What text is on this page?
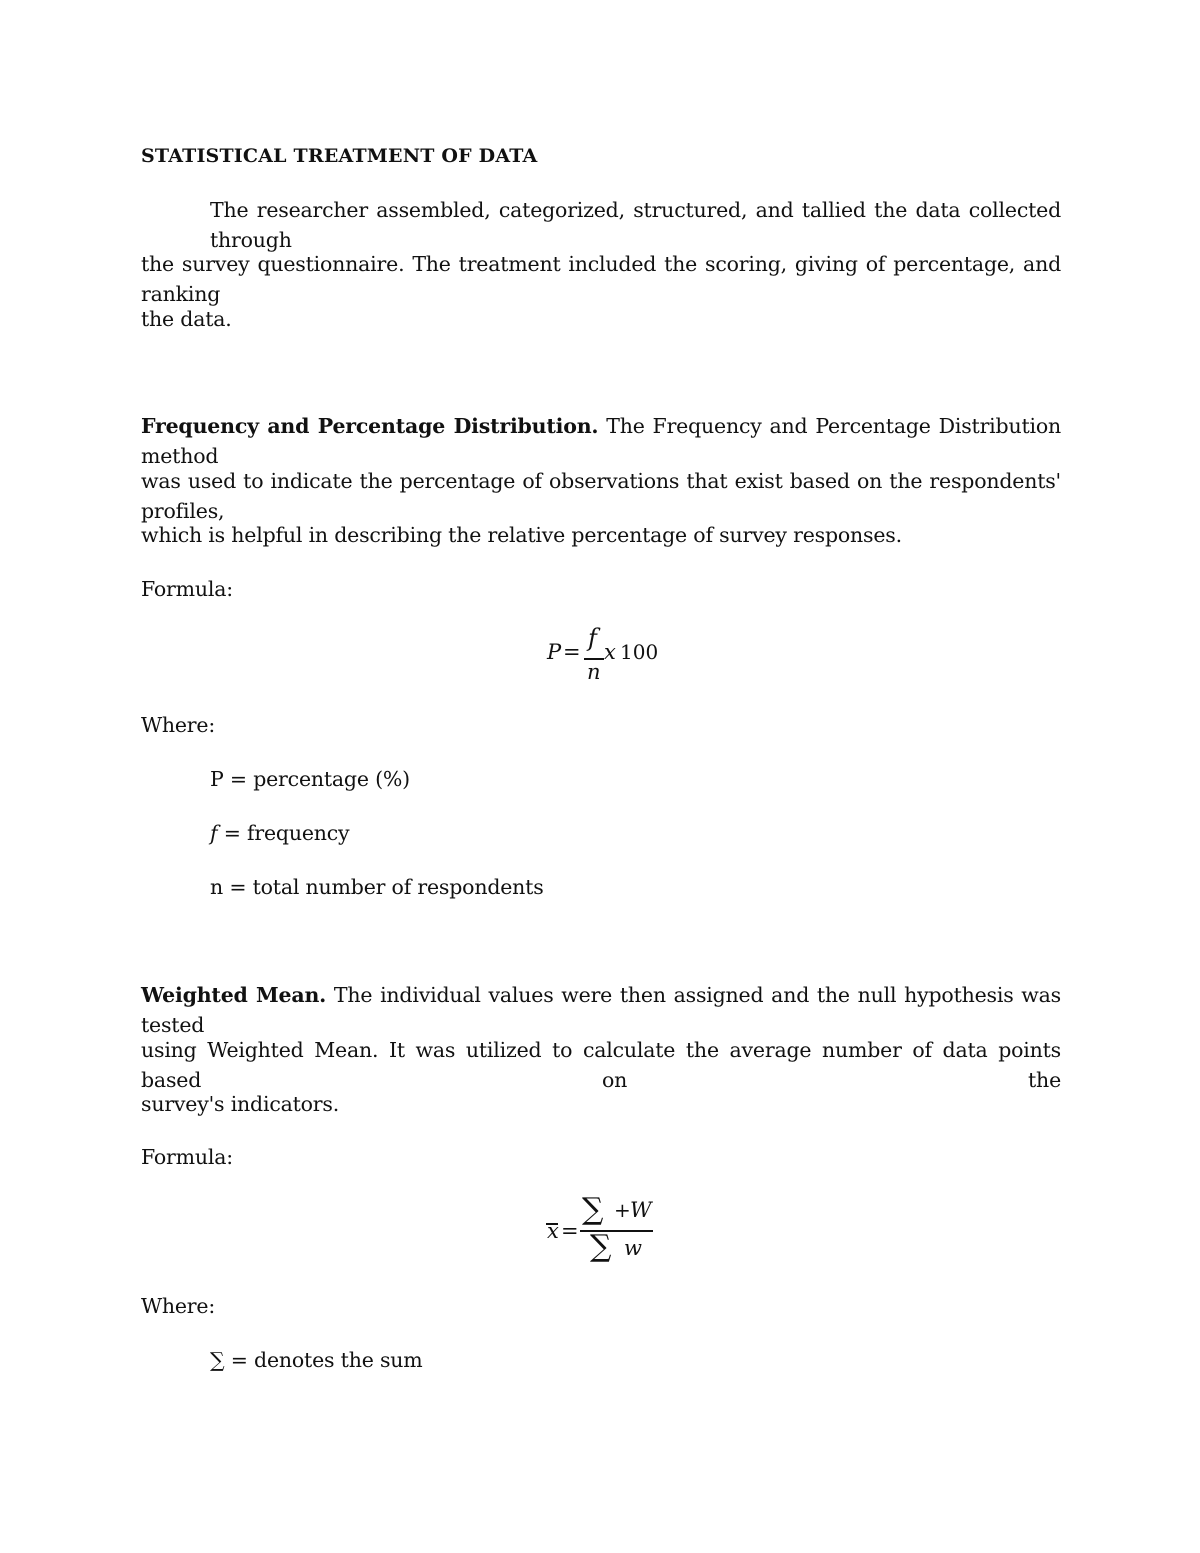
STATISTICAL TREATMENT OF DATA
The researcher assembled, categorized, structured, and tallied the data collected through
the survey questionnaire. The treatment included the scoring, giving of percentage, and ranking
the data.
Frequency and Percentage Distribution. The Frequency and Percentage Distribution method
was used to indicate the percentage of observations that exist based on the respondents' profiles,
which is helpful in describing the relative percentage of survey responses.
Formula:
P = f
n
x 100
Where:
P = percentage (%)
f = frequency
n = total number of respondents
Weighted Mean. The individual values were then assigned and the null hypothesis was tested
using Weighted Mean. It was utilized to calculate the average number of data points based on the
survey's indicators.
Formula:
x =
∑ + W
∑ w
Where:
∑ = denotes the sum
